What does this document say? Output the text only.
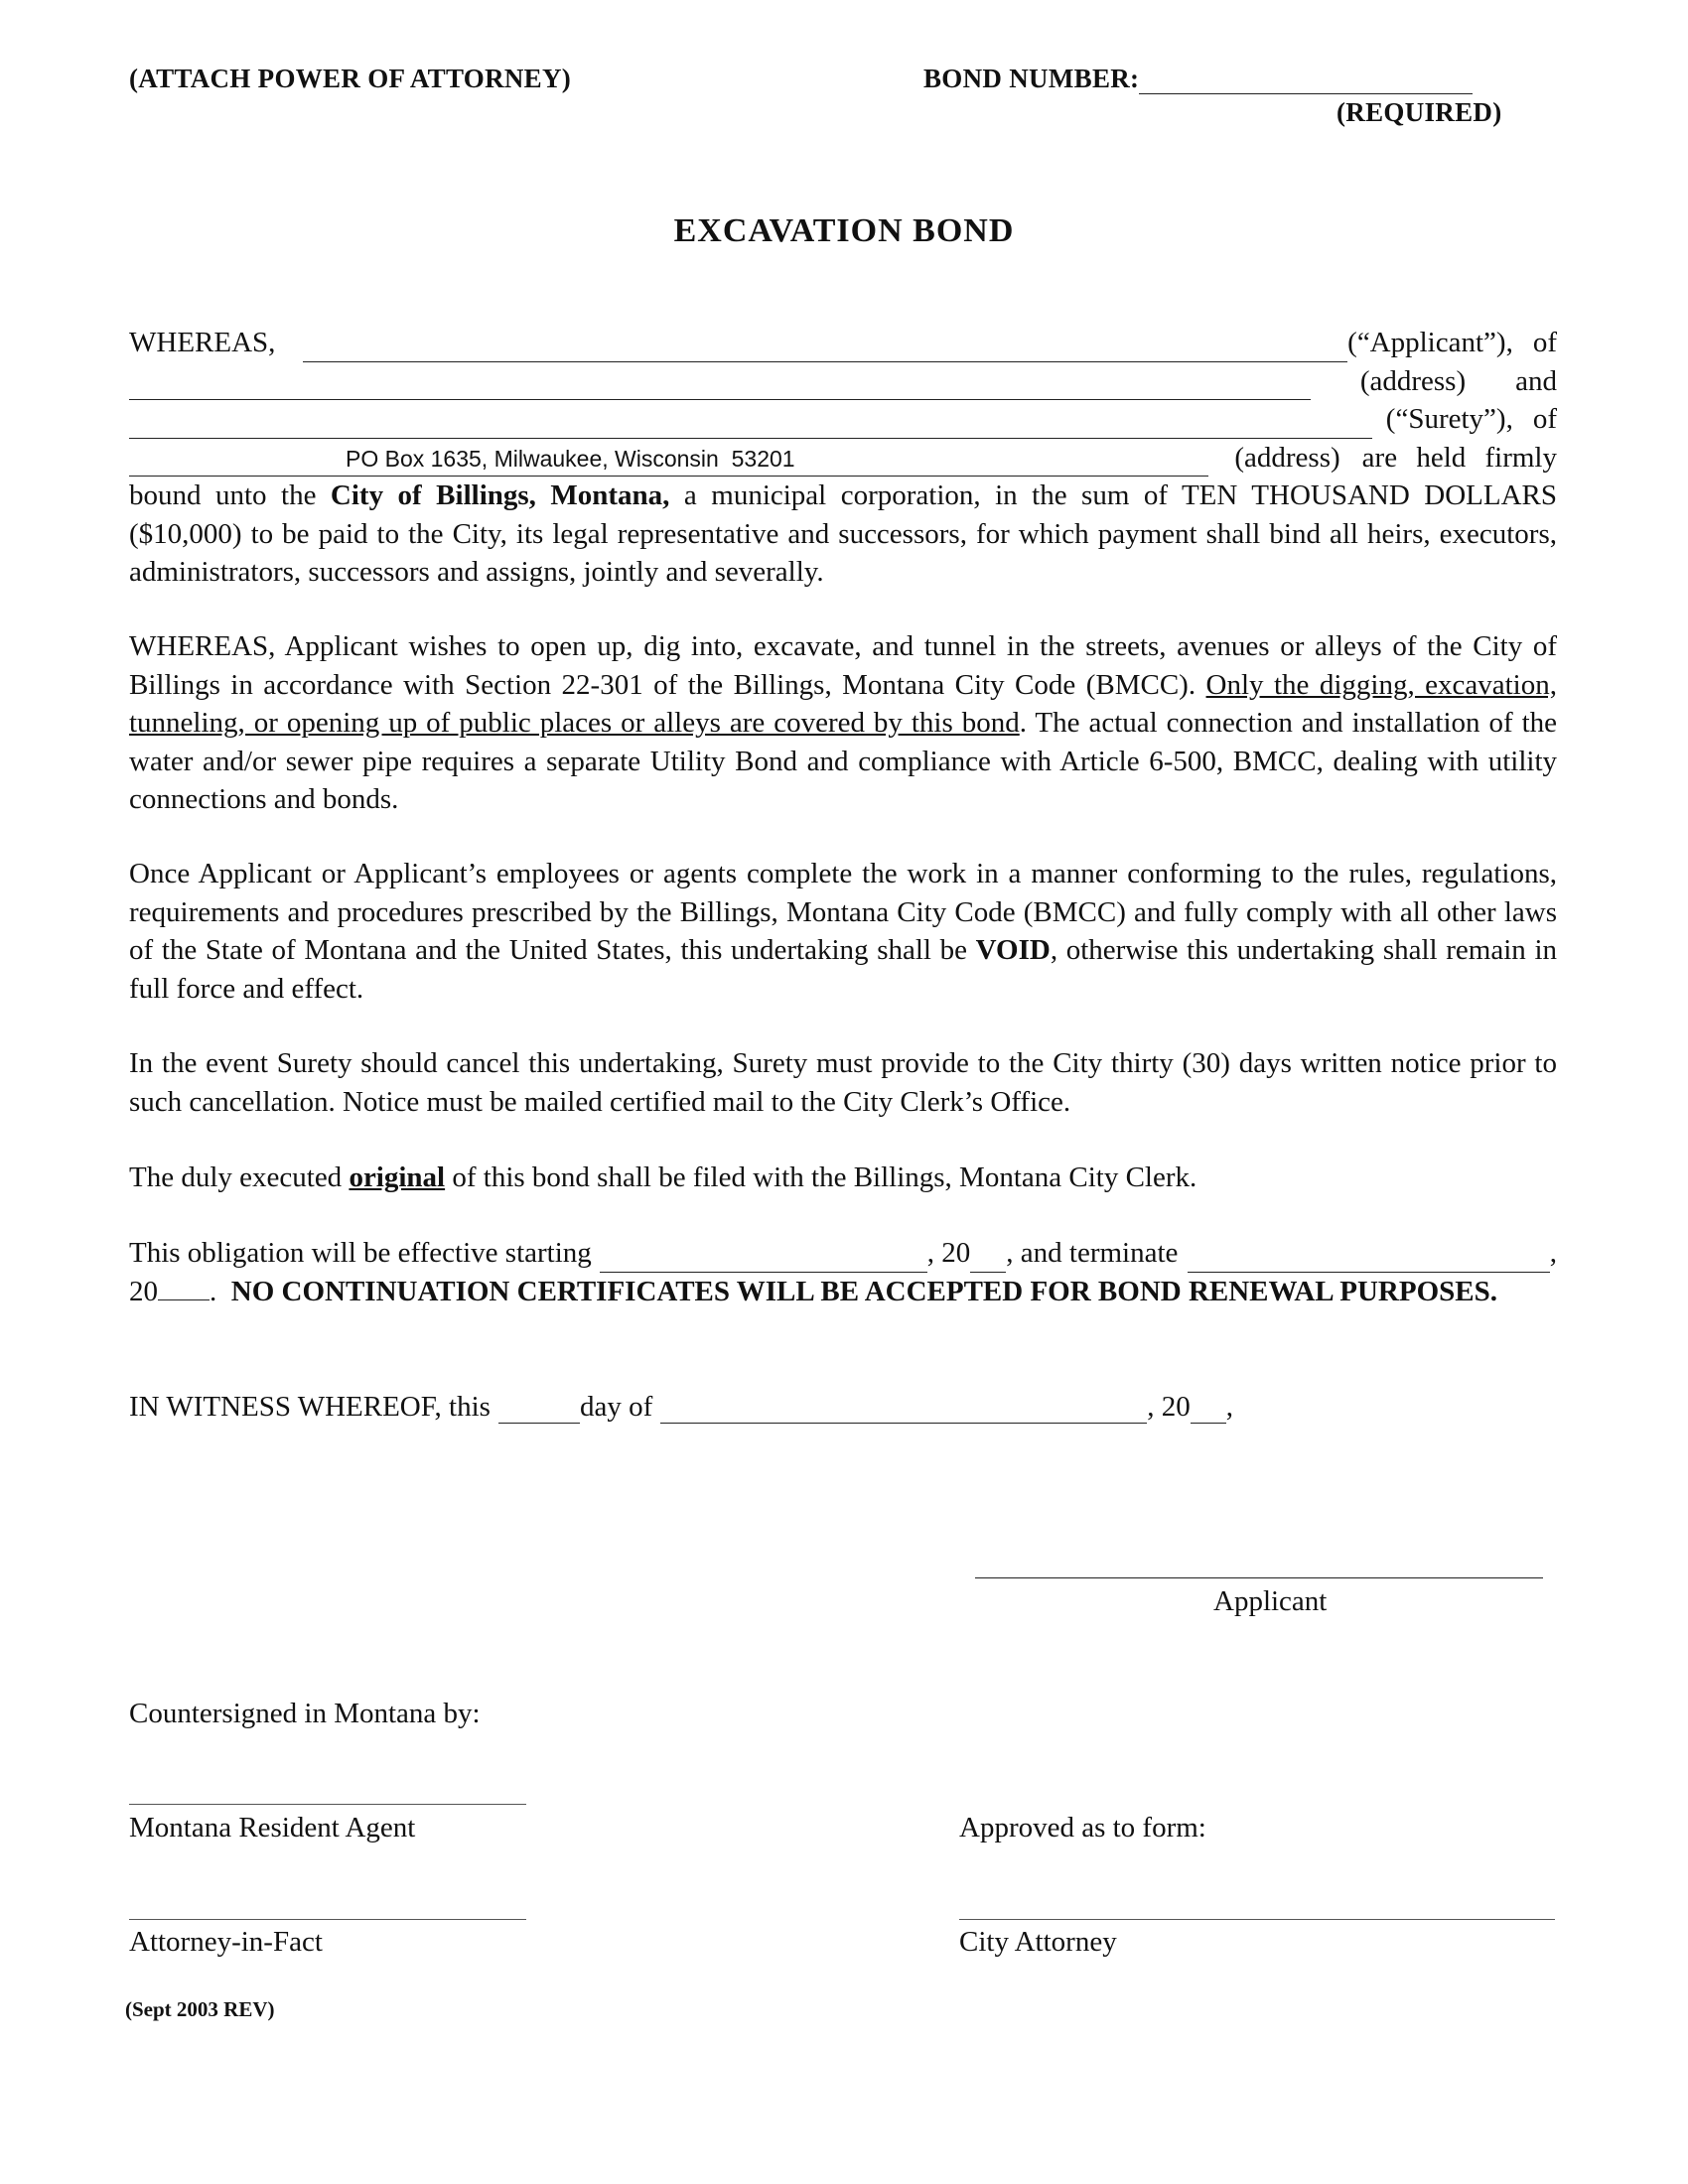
(ATTACH POWER OF ATTORNEY)	BOND NUMBER:
(REQUIRED)
EXCAVATION BOND
WHEREAS,	(“Applicant”), of
(address) and
(“Surety”), of
PO Box 1635, Milwaukee, Wisconsin  53201	(address) are held firmly
bound unto the City of Billings, Montana, a municipal corporation, in the sum of TEN THOUSAND DOLLARS ($10,000) to be paid to the City, its legal representative and successors, for which payment shall bind all heirs, executors, administrators, successors and assigns, jointly and severally.
WHEREAS, Applicant wishes to open up, dig into, excavate, and tunnel in the streets, avenues or alleys of the City of Billings in accordance with Section 22-301 of the Billings, Montana City Code (BMCC). Only the digging, excavation, tunneling, or opening up of public places or alleys are covered by this bond. The actual connection and installation of the water and/or sewer pipe requires a separate Utility Bond and compliance with Article 6-500, BMCC, dealing with utility connections and bonds.
Once Applicant or Applicant’s employees or agents complete the work in a manner conforming to the rules, regulations, requirements and procedures prescribed by the Billings, Montana City Code (BMCC) and fully comply with all other laws of the State of Montana and the United States, this undertaking shall be VOID, otherwise this undertaking shall remain in full force and effect.
In the event Surety should cancel this undertaking, Surety must provide to the City thirty (30) days written notice prior to such cancellation. Notice must be mailed certified mail to the City Clerk’s Office.
The duly executed original of this bond shall be filed with the Billings, Montana City Clerk.
This obligation will be effective starting	, 20 , and terminate	,
20 . NO CONTINUATION CERTIFICATES WILL BE ACCEPTED FOR BOND RENEWAL PURPOSES.
IN WITNESS WHEREOF, this	day of	, 20 ,
Applicant
Countersigned in Montana by:
Montana Resident Agent	Approved as to form:
Attorney-in-Fact	City Attorney
(Sept 2003 REV)
